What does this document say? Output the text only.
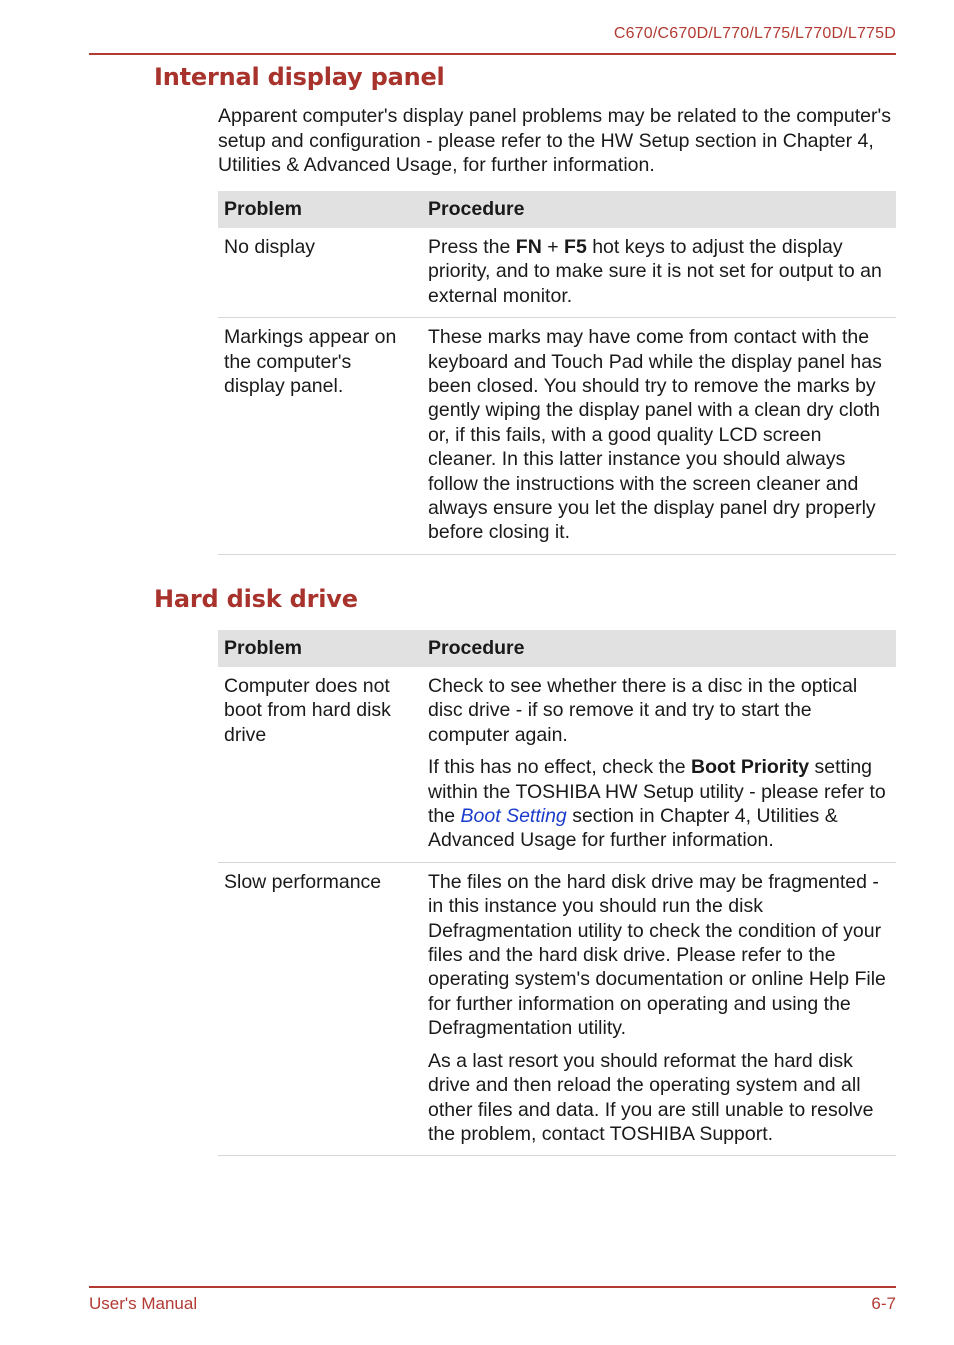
C670/C670D/L770/L775/L770D/L775D
Internal display panel

Apparent computer's display panel problems may be related to the computer's setup and configuration - please refer to the HW Setup section in Chapter 4, Utilities & Advanced Usage, for further information.

Problem	Procedure
No display	Press the FN + F5 hot keys to adjust the display priority, and to make sure it is not set for output to an external monitor.
Markings appear on the computer's display panel.	These marks may have come from contact with the keyboard and Touch Pad while the display panel has been closed. You should try to remove the marks by gently wiping the display panel with a clean dry cloth or, if this fails, with a good quality LCD screen cleaner. In this latter instance you should always follow the instructions with the screen cleaner and always ensure you let the display panel dry properly before closing it.
Hard disk drive
Problem	Procedure
Computer does not boot from hard disk drive	Check to see whether there is a disc in the optical disc drive - if so remove it and try to start the computer again.

If this has no effect, check the Boot Priority setting within the TOSHIBA HW Setup utility - please refer to the Boot Setting section in Chapter 4, Utilities & Advanced Usage for further information.

Slow performance	The files on the hard disk drive may be fragmented - in this instance you should run the disk Defragmentation utility to check the condition of your files and the hard disk drive. Please refer to the operating system's documentation or online Help File for further information on operating and using the Defragmentation utility.

As a last resort you should reformat the hard disk drive and then reload the operating system and all other files and data. If you are still unable to resolve the problem, contact TOSHIBA Support.

User's Manual	6-7
